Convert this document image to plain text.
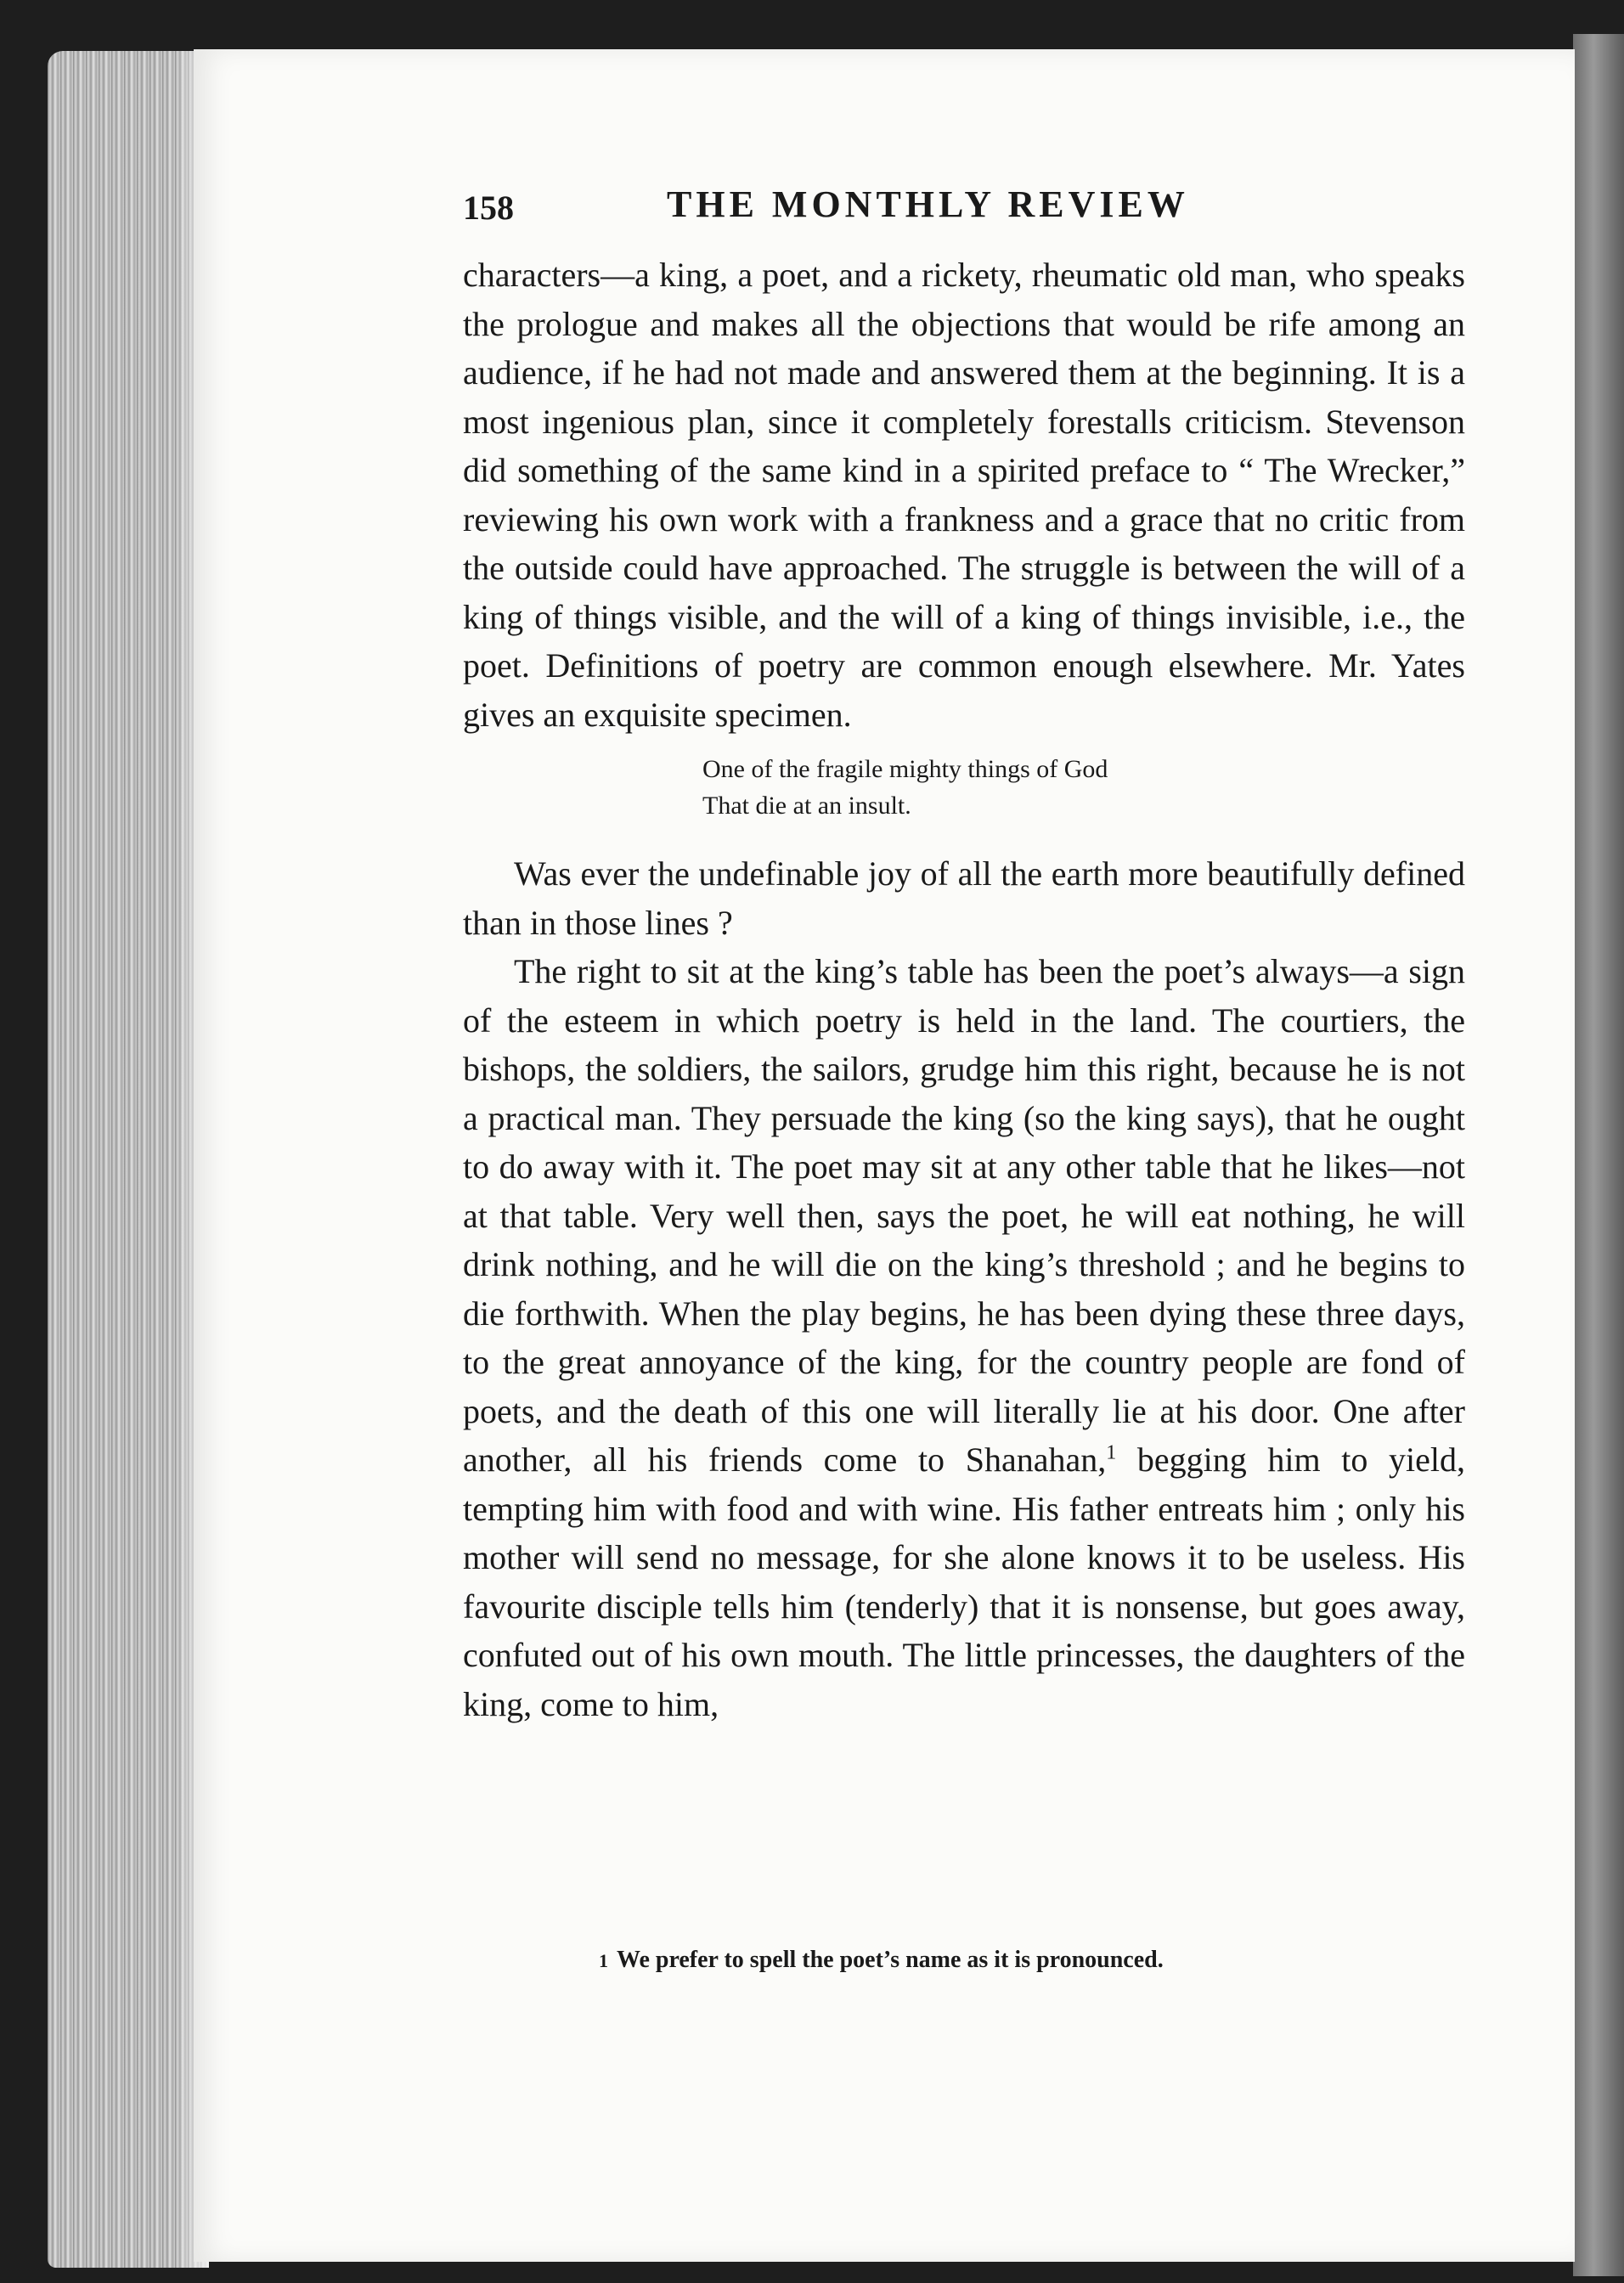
158	THE MONTHLY REVIEW

characters—a king, a poet, and a rickety, rheumatic old man, who speaks the prologue and makes all the objections that would be rife among an audience, if he had not made and answered them at the beginning. It is a most ingenious plan, since it completely forestalls criticism. Stevenson did something of the same kind in a spirited preface to “ The Wrecker,” reviewing his own work with a frankness and a grace that no critic from the outside could have approached. The struggle is between the will of a king of things visible, and the will of a king of things invisible, i.e., the poet. Definitions of poetry are common enough elsewhere. Mr. Yates gives an exquisite specimen.

One of the fragile mighty things of God
That die at an insult.

Was ever the undefinable joy of all the earth more beautifully defined than in those lines ?

The right to sit at the king’s table has been the poet’s always—a sign of the esteem in which poetry is held in the land. The courtiers, the bishops, the soldiers, the sailors, grudge him this right, because he is not a practical man. They persuade the king (so the king says), that he ought to do away with it. The poet may sit at any other table that he likes—not at that table. Very well then, says the poet, he will eat nothing, he will drink nothing, and he will die on the king’s threshold ; and he begins to die forthwith. When the play begins, he has been dying these three days, to the great annoyance of the king, for the country people are fond of poets, and the death of this one will literally lie at his door. One after another, all his friends come to Shanahan,$^1$ begging him to yield, tempting him with food and with wine. His father entreats him ; only his mother will send no message, for she alone knows it to be useless. His favourite disciple tells him (tenderly) that it is nonsense, but goes away, confuted out of his own mouth. The little princesses, the daughters of the king, come to him,

1 We prefer to spell the poet’s name as it is pronounced.
